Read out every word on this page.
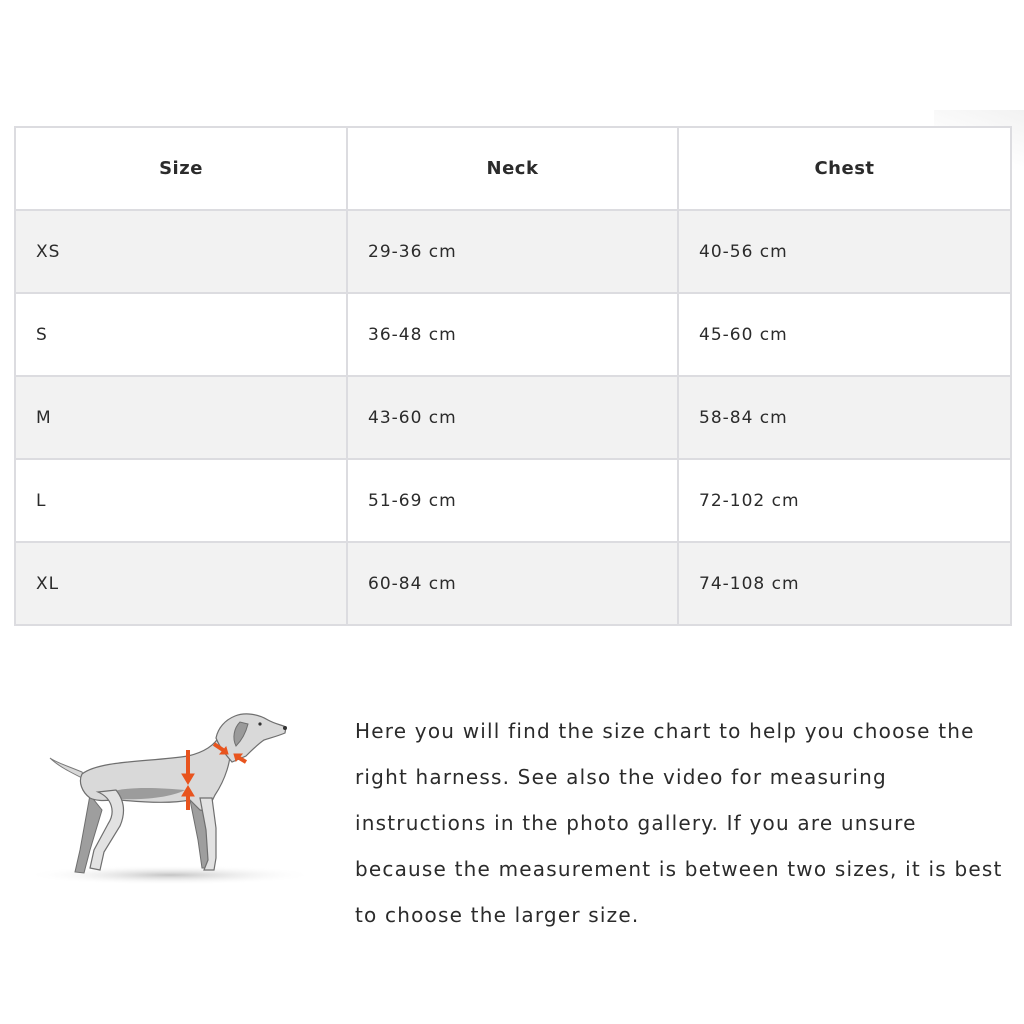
Size	Neck	Chest
XS	29-36 cm	40-56 cm
S	36-48 cm	45-60 cm
M	43-60 cm	58-84 cm
L	51-69 cm	72-102 cm
XL	60-84 cm	74-108 cm

Here you will find the size chart to help you choose the right harness. See also the video for measuring instructions in the photo gallery. If you are unsure because the measurement is between two sizes, it is best to choose the larger size.
